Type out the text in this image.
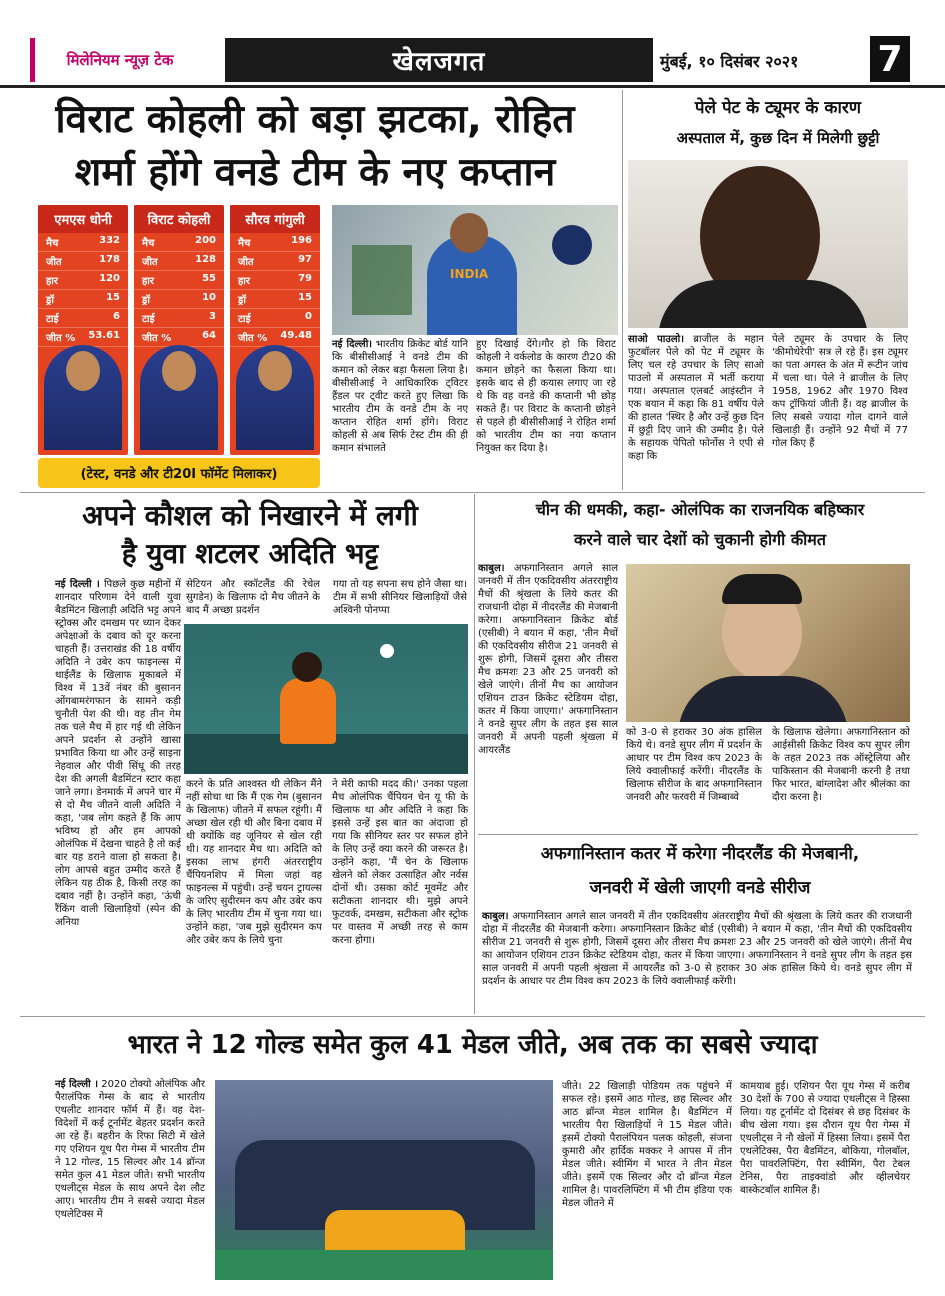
मिलेनियम न्यूज़ टेक	खेलजगत	मुंबई, १० दिसंबर २०२१	7
विराट कोहली को बड़ा झटका, रोहित
शर्मा होंगे वनडे टीम के नए कप्तान
एमएस धोनी
मैच	332
जीत	178
हार	120
ड्रॉ	15
टाई	6
जीत % 53.61
विराट कोहली
मैच	200
जीत	128
हार	55
ड्रॉ	10
टाई	3
जीत %	64
सौरव गांगुली
मैच	196
जीत	97
हार	79
ड्रॉ	15
टाई	0
जीत % 49.48
(टेस्ट, वनडे और टी20I फॉर्मेट मिलाकर)
INDIA
नई दिल्ली। भारतीय क्रिकेट बोर्ड यानि कि बीसीसीआई ने वनडे टीम की कमान को लेकर बड़ा फैसला लिया है। बीसीसीआई ने आधिकारिक ट्विटर हैंडल पर ट्वीट करते हुए लिखा कि भारतीय टीम के वनडे टीम के नए कप्तान रोहित शर्मा होंगे। विराट कोहली से अब सिर्फ टेस्ट टीम की ही कमान संभालते
हुए दिखाई देंगे।गौर हो कि विराट कोहली ने वर्कलोड के कारण टी20 की कमान छोड़ने का फैसला किया था। इसके बाद से ही कयास लगाए जा रहे थे कि वह वनडे की कप्तानी भी छोड़ सकते हैं। पर विराट के कप्तानी छोड़ने से पहले ही बीसीसीआई ने रोहित शर्मा को भारतीय टीम का नया कप्तान नियुक्त कर दिया है।
पेले पेट के ट्यूमर के कारण
अस्पताल में, कुछ दिन में मिलेगी छुट्टी
साओ पाउलो। ब्राजील के महान फुटबॉलर पेले को पेट में ट्यूमर के लिए चल रहे उपचार के लिए साओ पाउलो में अस्पताल में भर्ती कराया गया। अस्पताल एलबर्ट आइंस्टीन ने एक बयान में कहा कि 81 वर्षीय पेले की हालत 'स्थिर है और उन्हें कुछ दिन में छुट्टी दिए जाने की उम्मीद है। पेले के सहायक पेपितो फोर्नोस ने एपी से कहा कि
पेले ट्यूमर के उपचार के लिए 'कीमोथेरेपी' सत्र ले रहे हैं। इस ट्यूमर का पता अगस्त के अंत में रूटीन जांच में चला था। पेले ने ब्राजील के लिए 1958, 1962 और 1970 विश्व कप ट्रॉफियां जीती हैं। वह ब्राजील के लिए सबसे ज्यादा गोल दागने वाले खिलाड़ी हैं। उन्होंने 92 मैचों में 77 गोल किए हैं
अपने कौशल को निखारने में लगी
है युवा शटलर अदिति भट्ट
नई दिल्ली । पिछले कुछ महीनों में शानदार परिणाम देने वाली युवा बैडमिंटन खिलाड़ी अदिति भट्ट अपने स्ट्रोक्स और दमखम पर ध्यान देकर अपेक्षाओं के दबाव को दूर करना चाहती हैं। उत्तराखंड की 18 वर्षीय अदिति ने उबेर कप फाइनल्स में थाईलैंड के खिलाफ मुकाबले में विश्व में 13वें नंबर की बुसानन ओंगबामरंगफान के सामने कड़ी चुनौती पेश की थी। वह तीन गेम तक चले मैच में हार गई थी लेकिन अपने प्रदर्शन से उन्होंने खासा प्रभावित किया था और उन्हें साइना नेहवाल और पीवी सिंधू की तरह देश की अगली बैडमिंटन स्टार कहा जाने लगा। डेनमार्क में अपने चार में से दो मैच जीतने वाली अदिति ने कहा, 'जब लोग कहते हैं कि आप भविष्य हो और हम आपको ओलंपिक में देखना चाहते है तो कई बार यह डराने वाला हो सकता है। लोग आपसे बहुत उम्मीद करते हैं लेकिन यह ठीक है, किसी तरह का दबाव नहीं है। उन्होंने कहा, 'ऊंची रैंकिंग वाली खिलाड़ियों (स्पेन की अनिया
सेटियन और स्कॉटलैंड की रेचेल सुगडेन) के खिलाफ दो मैच जीतने के बाद मैं अच्छा प्रदर्शन
गया तो यह सपना सच होने जैसा था। टीम में सभी सीनियर खिलाड़ियों जैसे अश्विनी पोनप्पा
करने के प्रति आश्वस्त थी लेकिन मैंने नहीं सोचा था कि मैं एक गेम (बुसानन के खिलाफ) जीतने में सफल रहूंगी। मैं अच्छा खेल रही थी और बिना दबाव में थी क्योंकि वह जूनियर से खेल रही थी। यह शानदार मैच था। अदिति को इसका लाभ हंगरी अंतरराष्ट्रीय चैंपियनशिप में मिला जहां वह फाइनल्स में पहुंची। उन्हें चयन ट्रायल्स के जरिए सुदीरमन कप और उबेर कप के लिए भारतीय टीम में चुना गया था। उन्होंने कहा, 'जब मुझे सुदीरमन कप और उबेर कप के लिये चुना
ने मेरी काफी मदद की।' उनका पहला मैच ओलंपिक चैंपियन चेन यू फी के खिलाफ था और अदिति ने कहा कि इससे उन्हें इस बात का अंदाजा हो गया कि सीनियर स्तर पर सफल होने के लिए उन्हें क्या करने की जरूरत है। उन्होंने कहा, 'मैं चेन के खिलाफ खेलने को लेकर उत्साहित और नर्वस दोनों थी। उसका कोर्ट मूवमेंट और सटीकता शानदार थी। मुझे अपने फुटवर्क, दमखम, सटीकता और स्ट्रोक पर वास्तव में अच्छी तरह से काम करना होगा।
चीन की धमकी, कहा- ओलंपिक का राजनयिक बहिष्कार
करने वाले चार देशों को चुकानी होगी कीमत
काबुल। अफगानिस्तान अगले साल जनवरी में तीन एकदिवसीय अंतरराष्ट्रीय मैचों की श्रृंखला के लिये कतर की राजधानी दोहा में नीदरलैंड की मेजबानी करेगा। अफगानिस्तान क्रिकेट बोर्ड (एसीबी) ने बयान में कहा, 'तीन मैचों की एकदिवसीय सीरीज 21 जनवरी से शुरू होगी, जिसमें दूसरा और तीसरा मैच क्रमशः 23 और 25 जनवरी को खेले जाएंगे। तीनों मैच का आयोजन एशियन टाउन क्रिकेट स्टेडियम दोहा, कतर में किया जाएगा।' अफगानिस्तान ने वनडे सुपर लीग के तहत इस साल जनवरी में अपनी पहली श्रृंखला में आयरलैंड
को 3-0 से हराकर 30 अंक हासिल किये थे। वनडे सुपर लीग में प्रदर्शन के आधार पर टीम विश्व कप 2023 के लिये क्वालीफाई करेंगी। नीदरलैंड के खिलाफ सीरीज के बाद अफगानिस्तान जनवरी और फरवरी में जिम्बाब्वे
के खिलाफ खेलेगा। अफगानिस्तान को आईसीसी क्रिकेट विश्व कप सुपर लीग के तहत 2023 तक ऑस्ट्रेलिया और पाकिस्तान की मेजबानी करनी है तथा फिर भारत, बांग्लादेश और श्रीलंका का दौरा करना है।
अफगानिस्तान कतर में करेगा नीदरलैंड की मेजबानी,
जनवरी में खेली जाएगी वनडे सीरीज
काबुल। अफगानिस्तान अगले साल जनवरी में तीन एकदिवसीय अंतरराष्ट्रीय मैचों की श्रृंखला के लिये कतर की राजधानी दोहा में नीदरलैंड की मेजबानी करेगा। अफगानिस्तान क्रिकेट बोर्ड (एसीबी) ने बयान में कहा, 'तीन मैचों की एकदिवसीय सीरीज 21 जनवरी से शुरू होगी, जिसमें दूसरा और तीसरा मैच क्रमशः 23 और 25 जनवरी को खेले जाएंगे। तीनों मैच का आयोजन एशियन टाउन क्रिकेट स्टेडियम दोहा, कतर में किया जाएगा। अफगानिस्तान ने वनडे सुपर लीग के तहत इस साल जनवरी में अपनी पहली श्रृंखला में आयरलैंड को 3-0 से हराकर 30 अंक हासिल किये थे। वनडे सुपर लीग में प्रदर्शन के आधार पर टीम विश्व कप 2023 के लिये क्वालीफाई करेंगी।
भारत ने 12 गोल्ड समेत कुल 41 मेडल जीते, अब तक का सबसे ज्यादा
नई दिल्ली । 2020 टोक्यो ओलंपिक और पैरालंपिक गेम्स के बाद से भारतीय एथलीट शानदार फॉर्म में हैं। वह देश-विदेशों में कई टूर्नामेंट बेहतर प्रदर्शन करते आ रहे हैं। बहरीन के रिफा सिटी में खेले गए एशियन यूथ पैरा गेम्स में भारतीय टीम ने 12 गोल्ड, 15 सिल्वर और 14 ब्रॉन्ज समेत कुल 41 मेडल जीते। सभी भारतीय एथलीट्स मेडल के साथ अपने देश लौट आए। भारतीय टीम ने सबसे ज्यादा मेडल एथलेटिक्स में
जीते। 22 खिलाड़ी पोडियम तक पहुंचने में सफल रहे। इसमें आठ गोल्ड, छह सिल्वर और आठ ब्रॉन्ज मेडल शामिल है। बैडमिंटन में भारतीय पैरा खिलाड़ियों ने 15 मेडल जीते। इसमें टोक्यो पैरालंपियन पलक कोहली, संजना कुमारी और हार्दिक मक्कर ने आपस में तीन मेडल जीते। स्वीमिंग में भारत ने तीन मेडल जीते। इसमें एक सिल्वर और दो ब्रॉन्ज मेडल शामिल है। पावरलिफ्टिंग में भी टीम इंडिया एक मेडल जीतने में
कामयाब हुई। एशियन पैरा यूथ गेम्स में करीब 30 देशों के 700 से ज्यादा एथलीट्स ने हिस्सा लिया। यह टूर्नामेंट दो दिसंबर से छह दिसंबर के बीच खेला गया। इस दौरान यूथ पैरा गेम्स में एथलीट्स ने नौ खेलों में हिस्सा लिया। इसमें पैरा एथलेटिक्स, पैरा बैडमिंटन, बोकिया, गोलबॉल, पैरा पावरलिफ्टिंग, पैरा स्वीमिंग, पैरा टेबल टेनिस, पैरा ताइक्वांडो और व्हीलचेयर बास्केटबॉल शामिल हैं।
